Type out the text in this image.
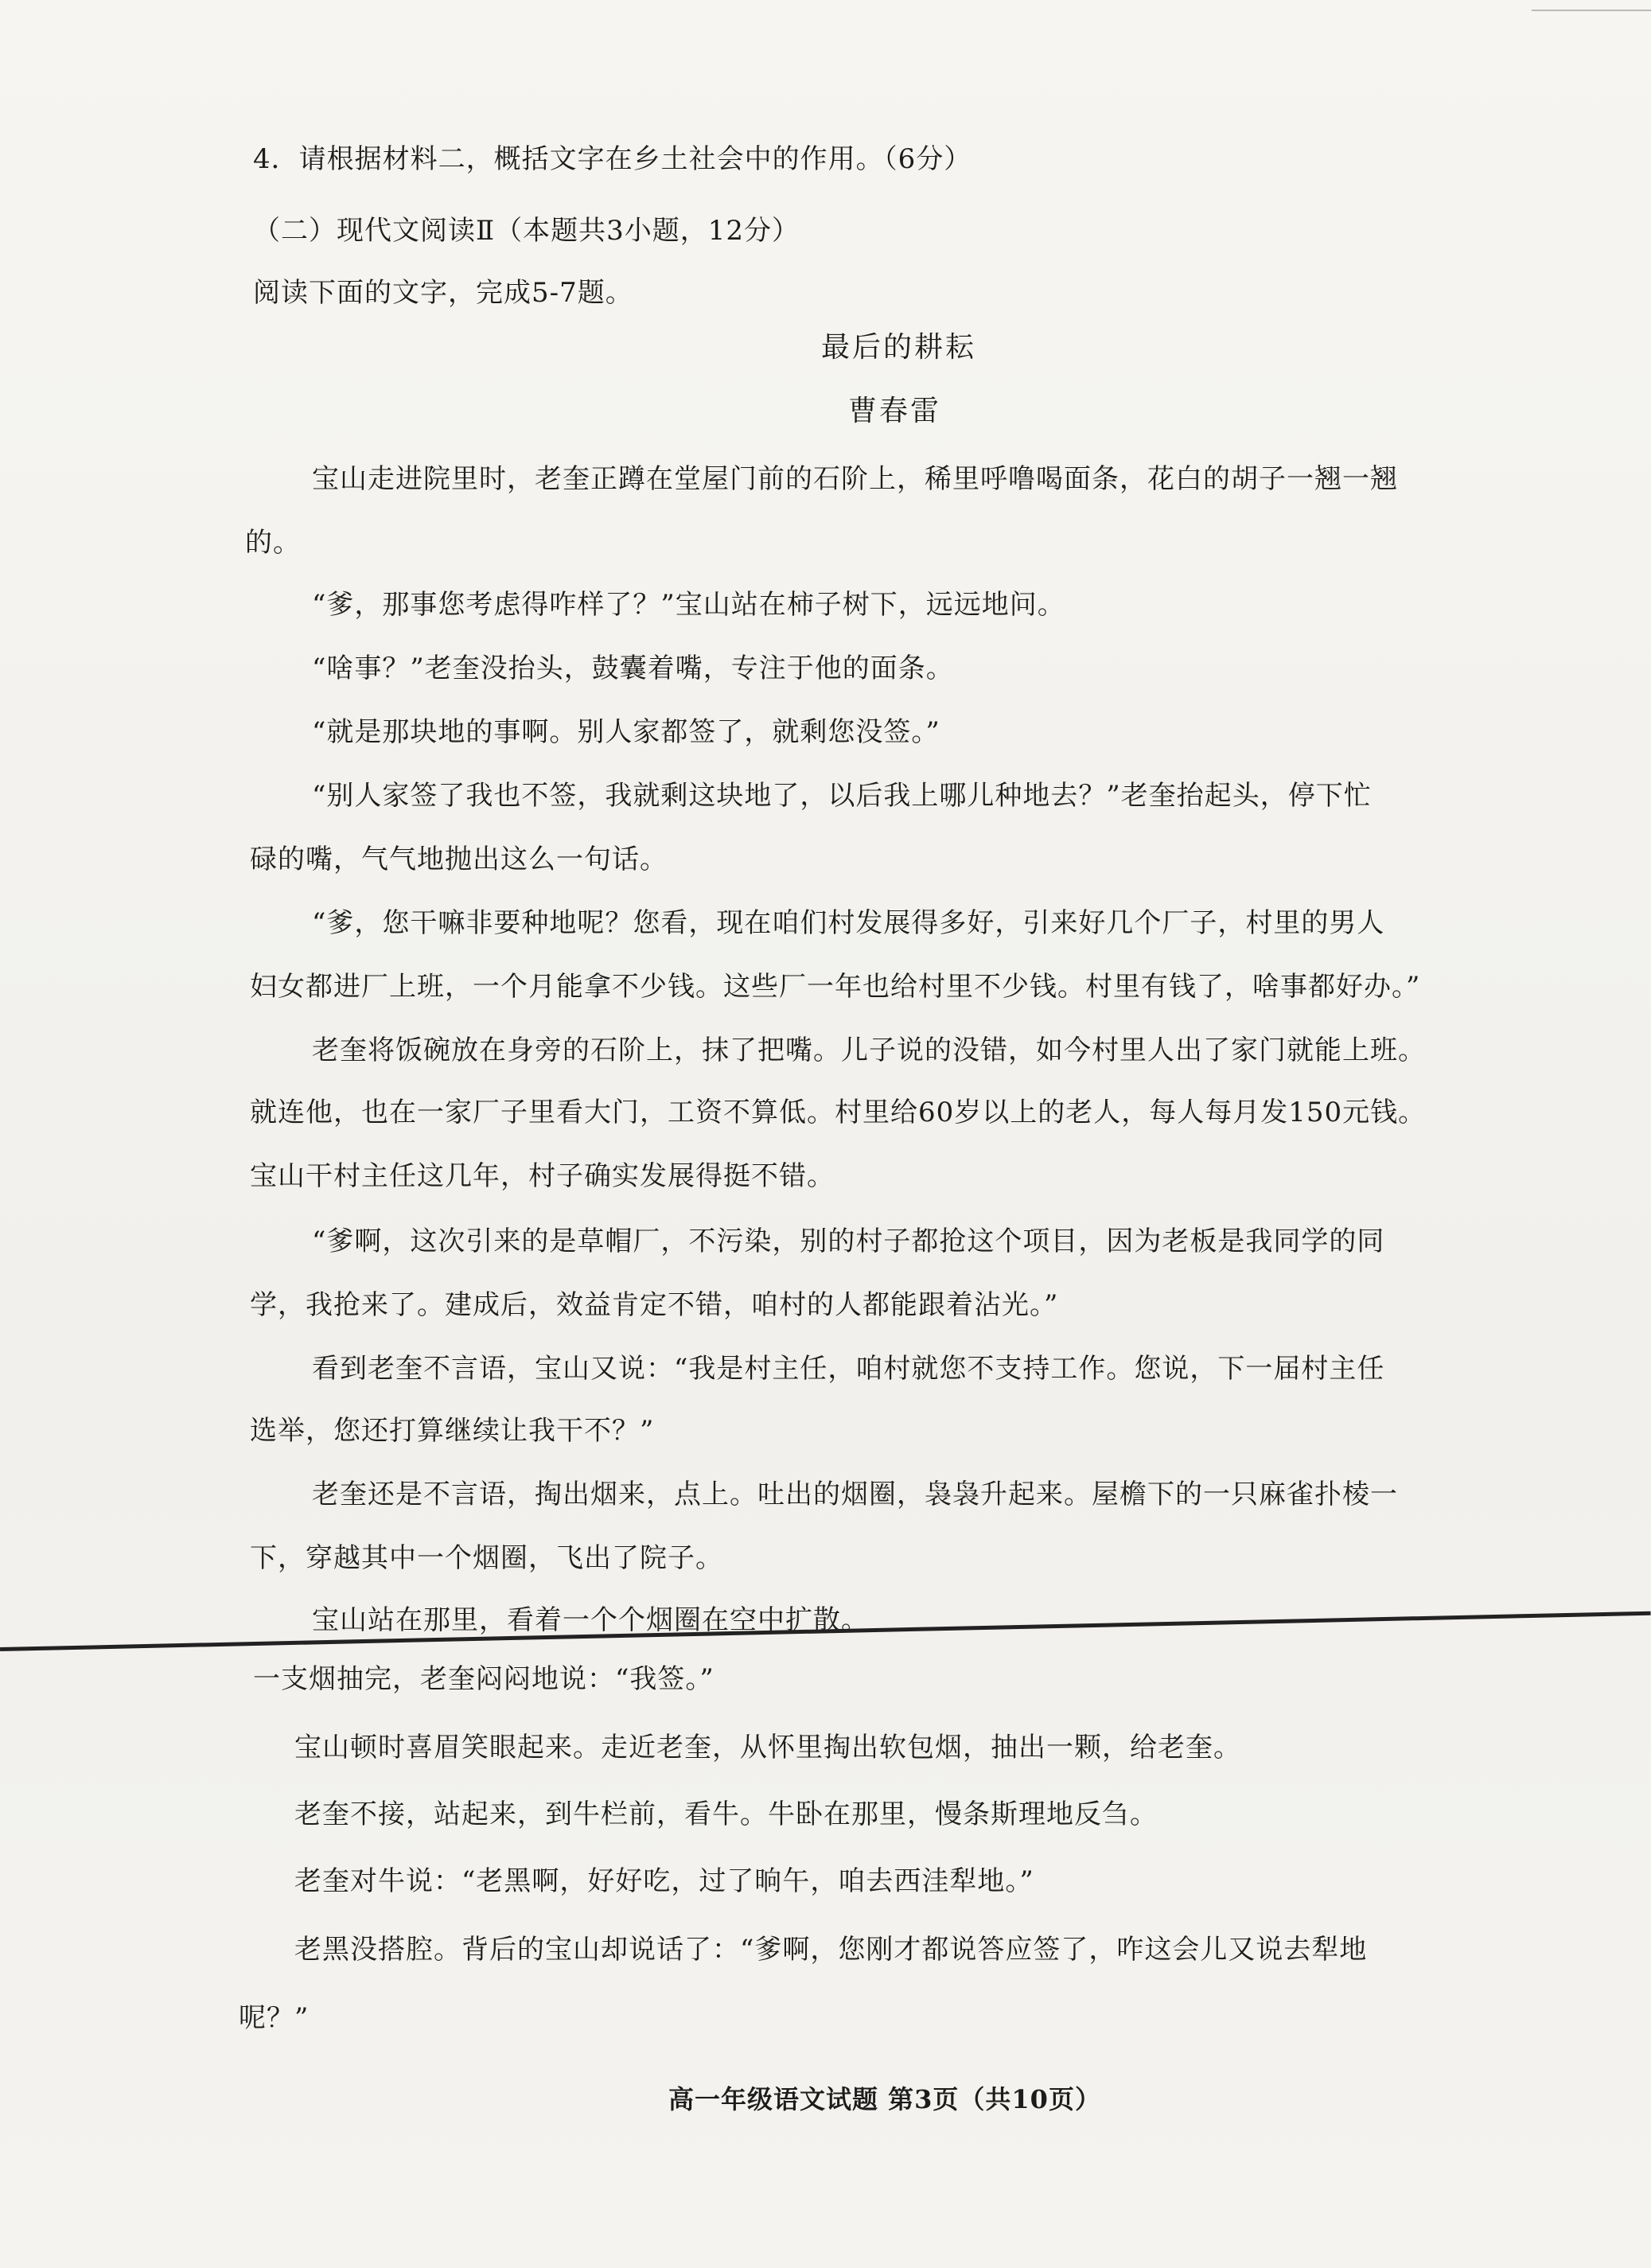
4．请根据材料二，概括文字在乡土社会中的作用。（6分）
（二）现代文阅读Ⅱ（本题共3小题，12分）
阅读下面的文字，完成5-7题。
最后的耕耘
曹春雷
宝山走进院里时，老奎正蹲在堂屋门前的石阶上，稀里呼噜喝面条，花白的胡子一翘一翘
的。
“爹，那事您考虑得咋样了？”宝山站在柿子树下，远远地问。
“啥事？”老奎没抬头，鼓囊着嘴，专注于他的面条。
“就是那块地的事啊。别人家都签了，就剩您没签。”
“别人家签了我也不签，我就剩这块地了，以后我上哪儿种地去？”老奎抬起头，停下忙
碌的嘴，气气地抛出这么一句话。
“爹，您干嘛非要种地呢？您看，现在咱们村发展得多好，引来好几个厂子，村里的男人
妇女都进厂上班，一个月能拿不少钱。这些厂一年也给村里不少钱。村里有钱了，啥事都好办。”
老奎将饭碗放在身旁的石阶上，抹了把嘴。儿子说的没错，如今村里人出了家门就能上班。
就连他，也在一家厂子里看大门，工资不算低。村里给60岁以上的老人，每人每月发150元钱。
宝山干村主任这几年，村子确实发展得挺不错。
“爹啊，这次引来的是草帽厂，不污染，别的村子都抢这个项目，因为老板是我同学的同
学，我抢来了。建成后，效益肯定不错，咱村的人都能跟着沾光。”
看到老奎不言语，宝山又说：“我是村主任，咱村就您不支持工作。您说，下一届村主任
选举，您还打算继续让我干不？”
老奎还是不言语，掏出烟来，点上。吐出的烟圈，袅袅升起来。屋檐下的一只麻雀扑棱一
下，穿越其中一个烟圈，飞出了院子。
宝山站在那里，看着一个个烟圈在空中扩散。
一支烟抽完，老奎闷闷地说：“我签。”
宝山顿时喜眉笑眼起来。走近老奎，从怀里掏出软包烟，抽出一颗，给老奎。
老奎不接，站起来，到牛栏前，看牛。牛卧在那里，慢条斯理地反刍。
老奎对牛说：“老黑啊，好好吃，过了晌午，咱去西洼犁地。”
老黑没搭腔。背后的宝山却说话了：“爹啊，您刚才都说答应签了，咋这会儿又说去犁地
呢？”
高一年级语文试题 第3页（共10页）
